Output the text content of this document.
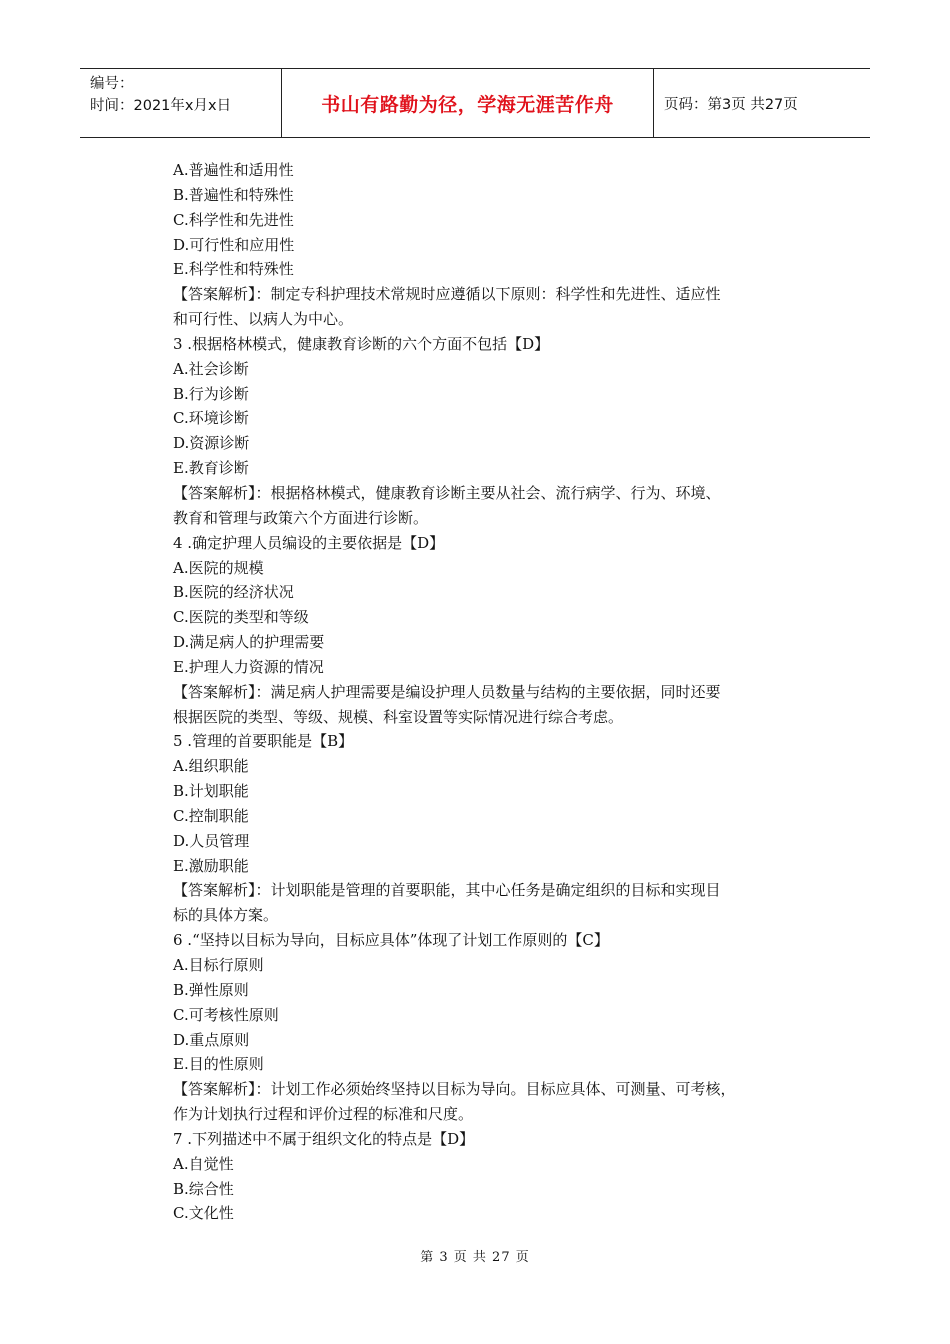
编号：
时间：2021年x月x日	书山有路勤为径，学海无涯苦作舟	页码：第3页 共27页
A.普遍性和适用性
B.普遍性和特殊性
C.科学性和先进性
D.可行性和应用性
E.科学性和特殊性
【答案解析】：制定专科护理技术常规时应遵循以下原则：科学性和先进性、适应性
和可行性、以病人为中心。
3 .根据格林模式，健康教育诊断的六个方面不包括【D】
A.社会诊断
B.行为诊断
C.环境诊断
D.资源诊断
E.教育诊断
【答案解析】：根据格林模式，健康教育诊断主要从社会、流行病学、行为、环境、
教育和管理与政策六个方面进行诊断。
4 .确定护理人员编设的主要依据是【D】
A.医院的规模
B.医院的经济状况
C.医院的类型和等级
D.满足病人的护理需要
E.护理人力资源的情况
【答案解析】：满足病人护理需要是编设护理人员数量与结构的主要依据，同时还要
根据医院的类型、等级、规模、科室设置等实际情况进行综合考虑。
5 .管理的首要职能是【B】
A.组织职能
B.计划职能
C.控制职能
D.人员管理
E.激励职能
【答案解析】：计划职能是管理的首要职能，其中心任务是确定组织的目标和实现目
标的具体方案。
6 .“坚持以目标为导向，目标应具体”体现了计划工作原则的【C】
A.目标行原则
B.弹性原则
C.可考核性原则
D.重点原则
E.目的性原则
【答案解析】：计划工作必须始终坚持以目标为导向。目标应具体、可测量、可考核，
作为计划执行过程和评价过程的标准和尺度。
7 .下列描述中不属于组织文化的特点是【D】
A.自觉性
B.综合性
C.文化性
第 3 页 共 27 页
